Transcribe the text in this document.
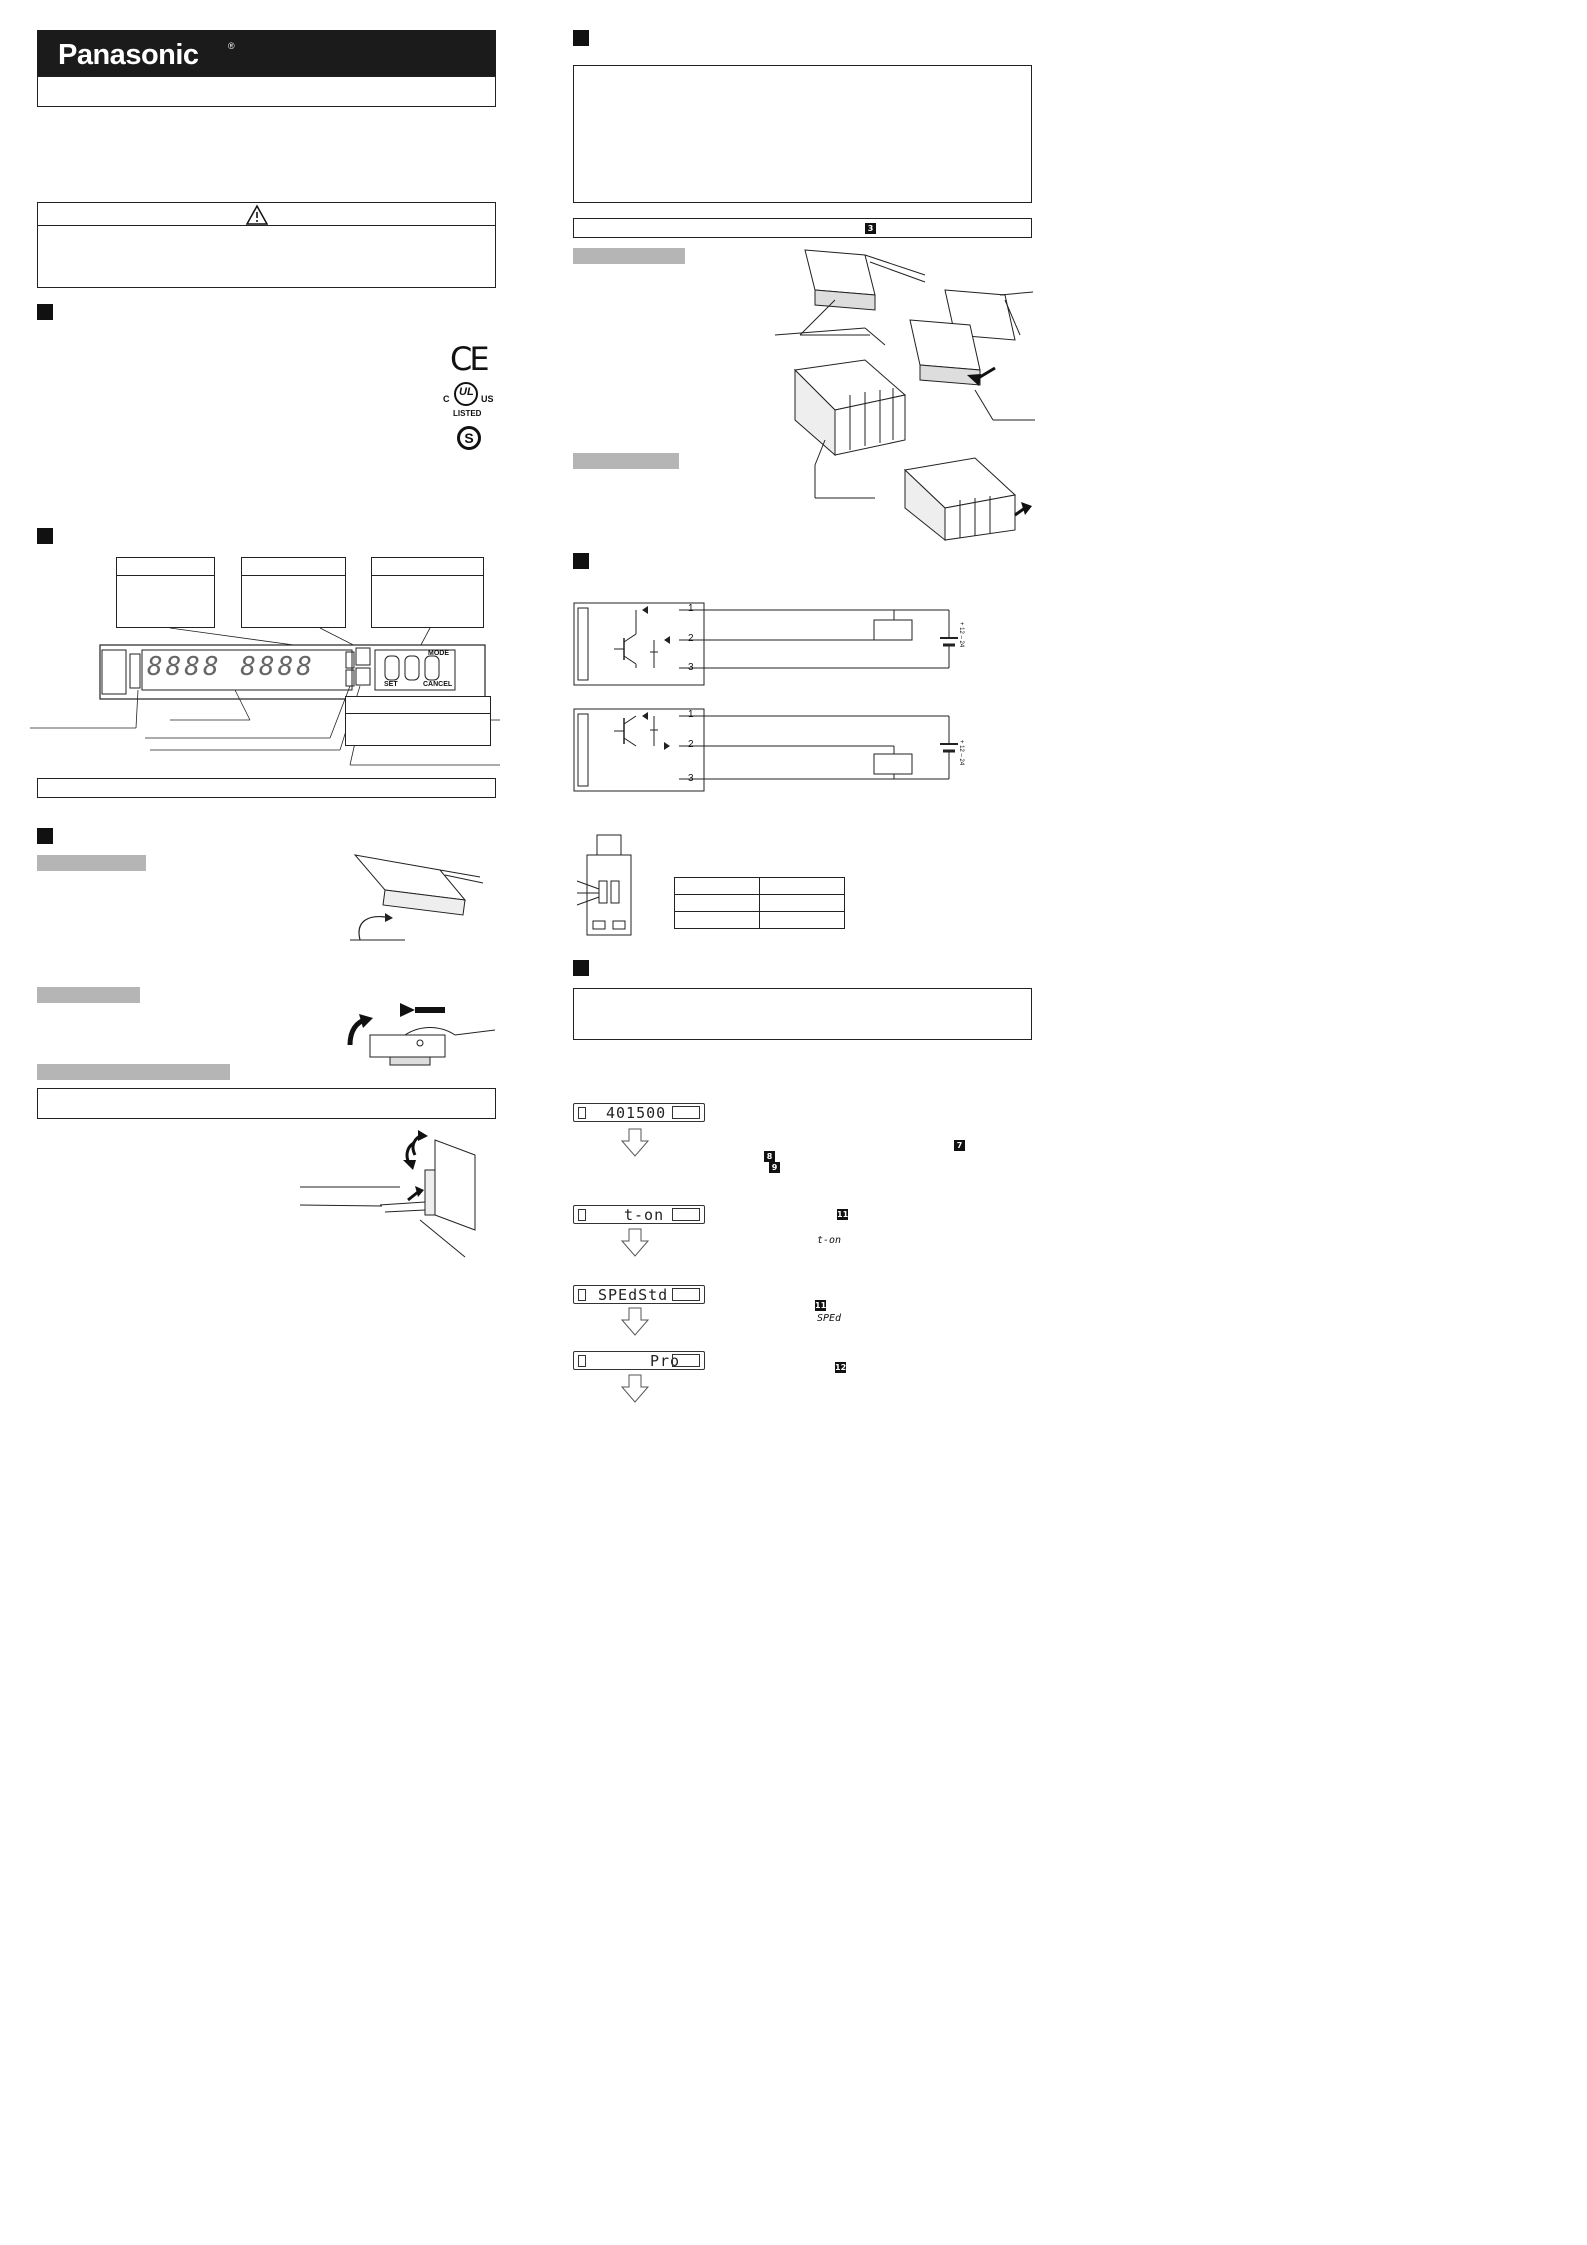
Panasonic	®
CE
C
UL
US
LISTED
S
8888 8888	MODE
SET	CANCEL
3
1
2
3
+ 12 – 24
1
2
3
+ 12 – 24

401500
7
8
9
t-on	11
t-on
SPEdStd
11
SPEd
Pro	12
